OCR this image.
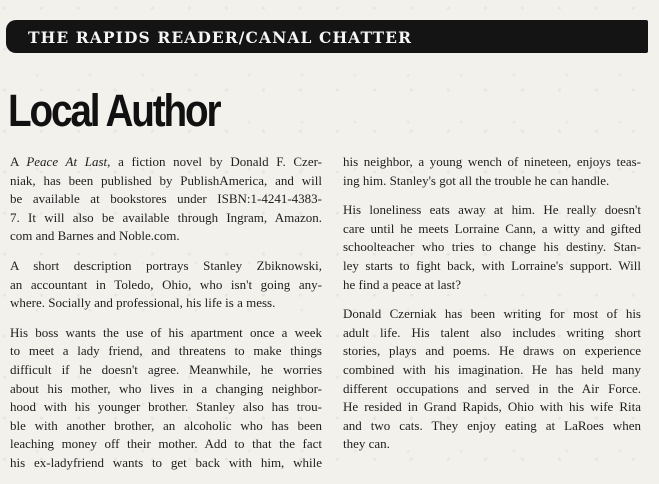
THE RAPIDS READER/CANAL CHATTER
Local Author

A Peace At Last, a fiction novel by Donald F. Czer-
niak, has been published by PublishAmerica, and will
be available at bookstores under ISBN:1-4241-4383-
7. It will also be available through Ingram, Amazon.
com and Barnes and Noble.com.

A short description portrays Stanley Zbiknowski,
an accountant in Toledo, Ohio, who isn't going any-
where. Socially and professional, his life is a mess.

His boss wants the use of his apartment once a week
to meet a lady friend, and threatens to make things
difficult if he doesn't agree. Meanwhile, he worries
about his mother, who lives in a changing neighbor-
hood with his younger brother. Stanley also has trou-
ble with another brother, an alcoholic who has been
leaching money off their mother. Add to that the fact
his ex-ladyfriend wants to get back with him, while

his neighbor, a young wench of nineteen, enjoys teas-
ing him. Stanley's got all the trouble he can handle.

His loneliness eats away at him. He really doesn't
care until he meets Lorraine Cann, a witty and gifted
schoolteacher who tries to change his destiny. Stan-
ley starts to fight back, with Lorraine's support. Will
he find a peace at last?

Donald Czerniak has been writing for most of his
adult life. His talent also includes writing short
stories, plays and poems. He draws on experience
combined with his imagination. He has held many
different occupations and served in the Air Force.
He resided in Grand Rapids, Ohio with his wife Rita
and two cats. They enjoy eating at LaRoes when
they can.
